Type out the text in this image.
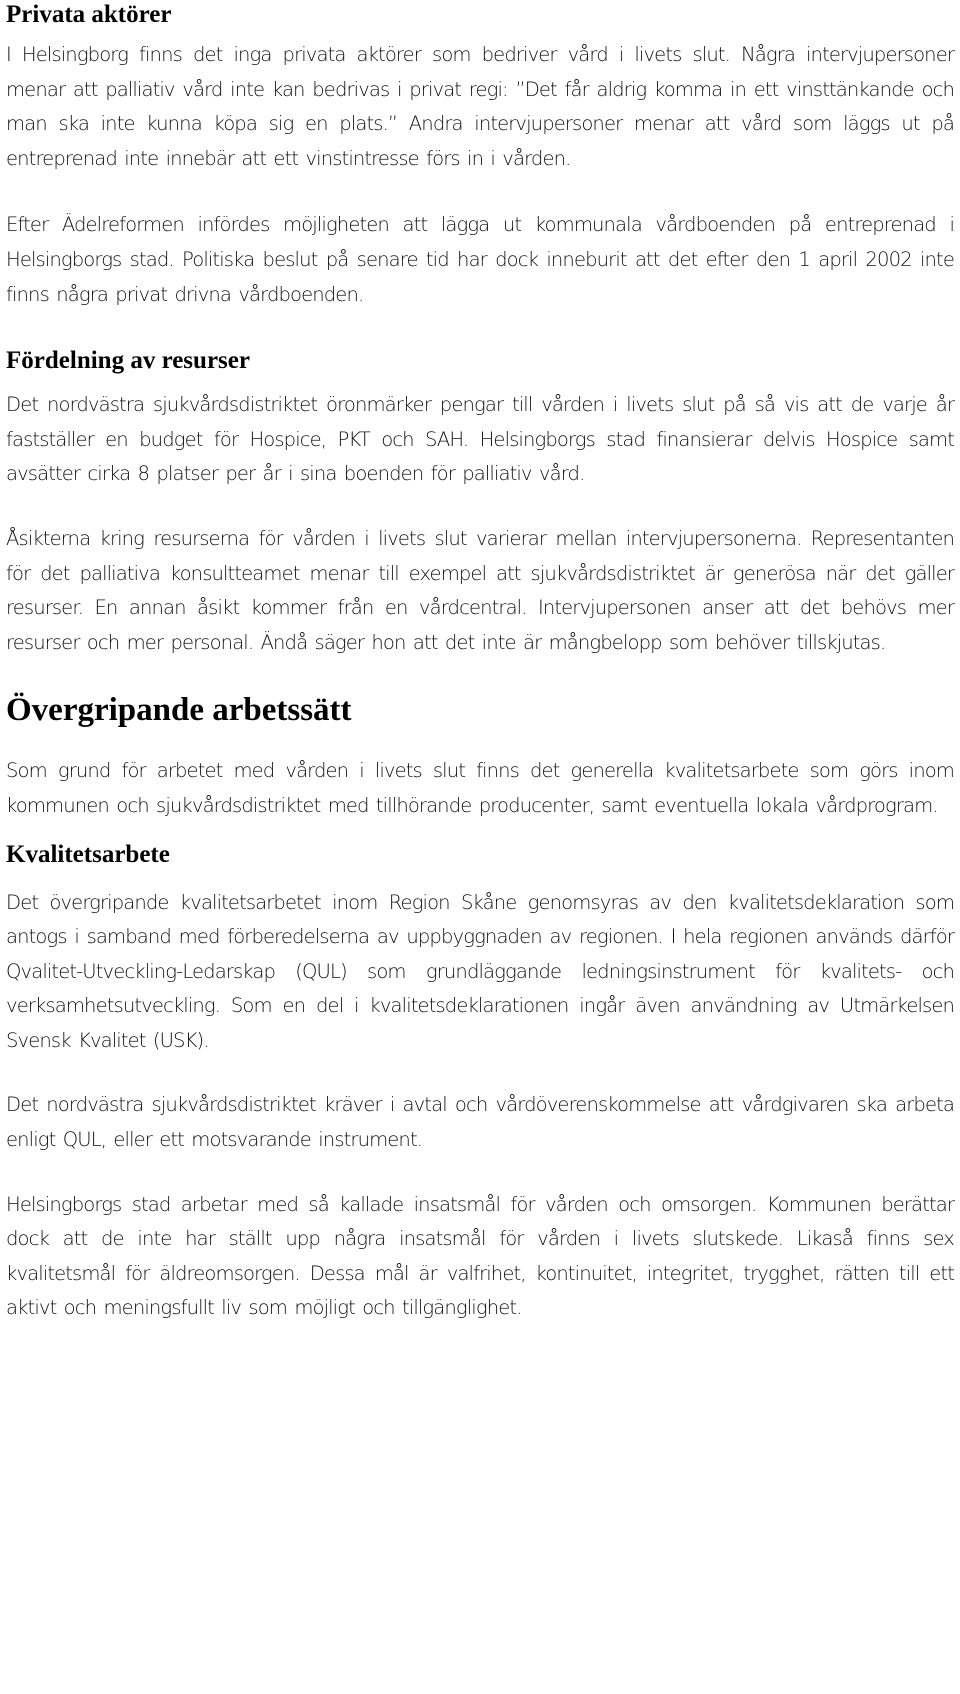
Privata aktörer

I Helsingborg finns det inga privata aktörer som bedriver vård i livets slut. Några intervjupersoner menar att palliativ vård inte kan bedrivas i privat regi: ”Det får aldrig komma in ett vinsttänkande och man ska inte kunna köpa sig en plats.” Andra intervjupersoner menar att vård som läggs ut på entreprenad inte innebär att ett vinstintresse förs in i vården.

Efter Ädelreformen infördes möjligheten att lägga ut kommunala vårdboenden på entreprenad i Helsingborgs stad. Politiska beslut på senare tid har dock inneburit att det efter den 1 april 2002 inte finns några privat drivna vårdboenden.

Fördelning av resurser

Det nordvästra sjukvårdsdistriktet öronmärker pengar till vården i livets slut på så vis att de varje år fastställer en budget för Hospice, PKT och SAH. Helsingborgs stad finansierar delvis Hospice samt avsätter cirka 8 platser per år i sina boenden för palliativ vård.

Åsikterna kring resurserna för vården i livets slut varierar mellan intervjupersonerna. Representanten för det palliativa konsultteamet menar till exempel att sjukvårdsdistriktet är generösa när det gäller resurser. En annan åsikt kommer från en vårdcentral. Intervjupersonen anser att det behövs mer resurser och mer personal. Ändå säger hon att det inte är mångbelopp som behöver tillskjutas.

Övergripande arbetssätt

Som grund för arbetet med vården i livets slut finns det generella kvalitetsarbete som görs inom kommunen och sjukvårdsdistriktet med tillhörande producenter, samt eventuella lokala vårdprogram.

Kvalitetsarbete

Det övergripande kvalitetsarbetet inom Region Skåne genomsyras av den kvalitetsdeklaration som antogs i samband med förberedelserna av uppbyggnaden av regionen. I hela regionen används därför Qvalitet-Utveckling-Ledarskap (QUL) som grundläggande ledningsinstrument för kvalitets- och verksamhetsutveckling. Som en del i kvalitetsdeklarationen ingår även användning av Utmärkelsen Svensk Kvalitet (USK).

Det nordvästra sjukvårdsdistriktet kräver i avtal och vårdöverenskommelse att vårdgivaren ska arbeta enligt QUL, eller ett motsvarande instrument.

Helsingborgs stad arbetar med så kallade insatsmål för vården och omsorgen. Kommunen berättar dock att de inte har ställt upp några insatsmål för vården i livets slutskede. Likaså finns sex kvalitetsmål för äldreomsorgen. Dessa mål är valfrihet, kontinuitet, integritet, trygghet, rätten till ett aktivt och meningsfullt liv som möjligt och tillgänglighet.
